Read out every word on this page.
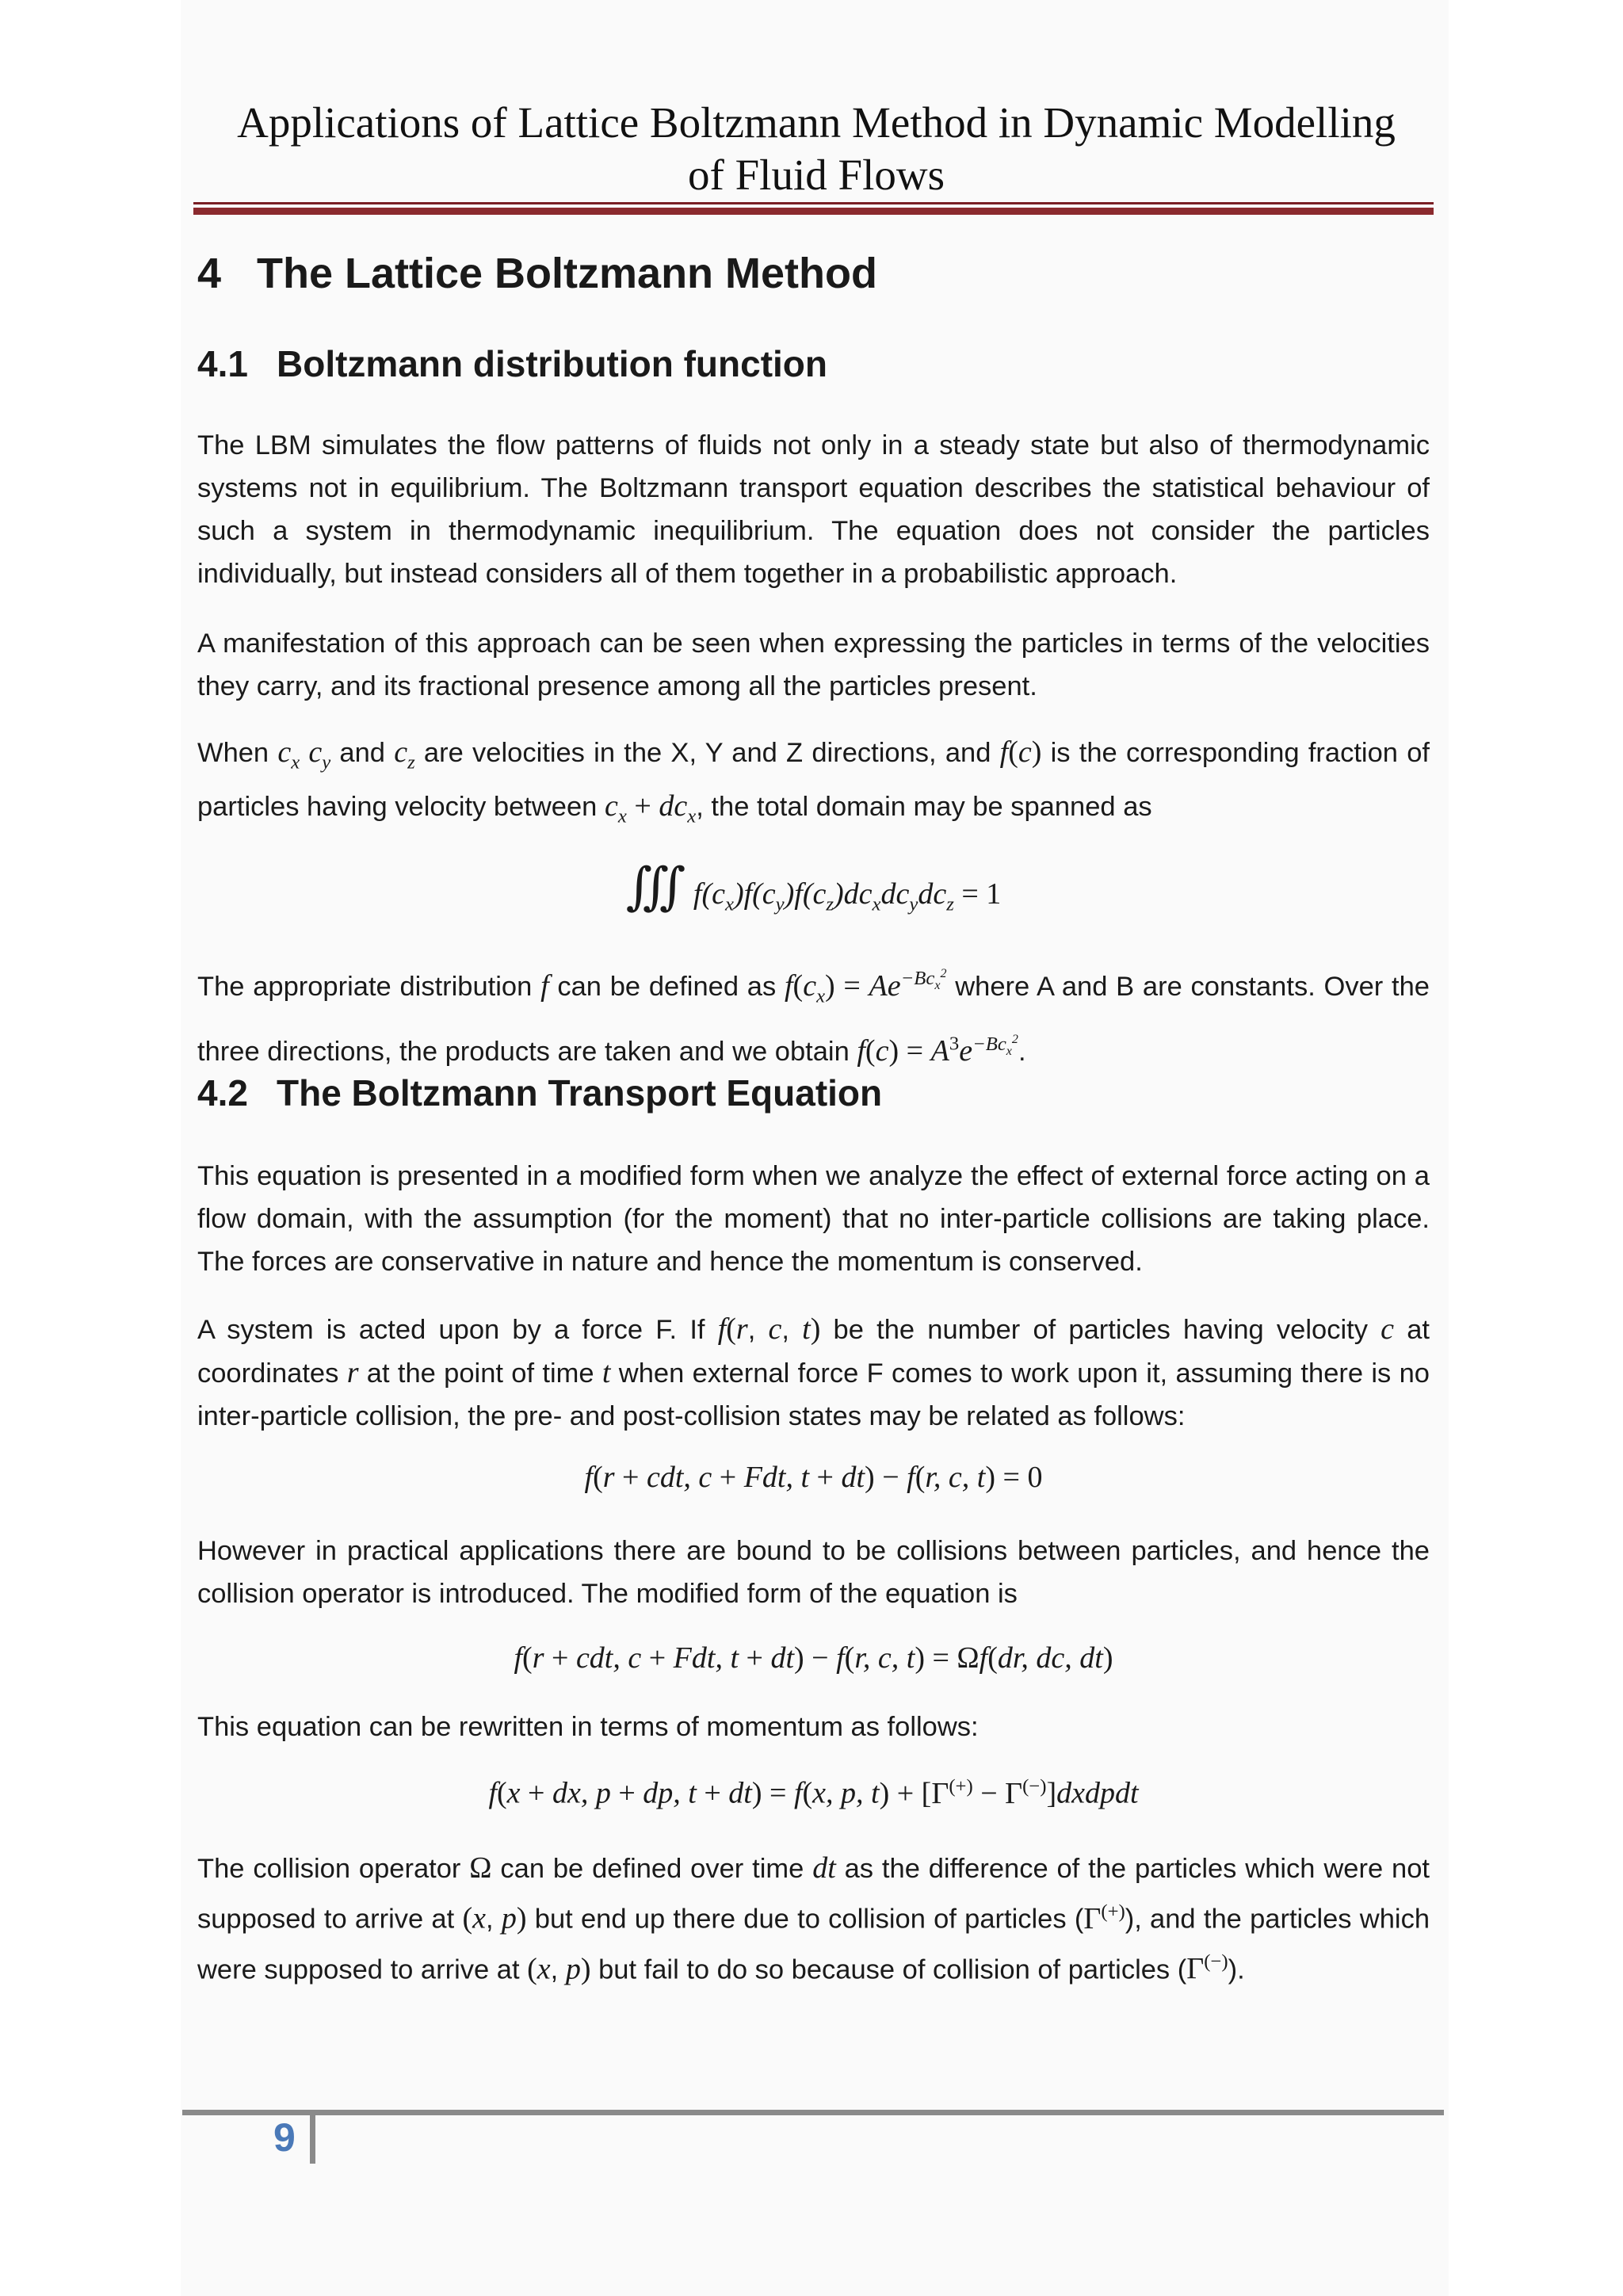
Applications of Lattice Boltzmann Method in Dynamic Modelling
of Fluid Flows
4 The Lattice Boltzmann Method
4.1 Boltzmann distribution function

The LBM simulates the flow patterns of fluids not only in a steady state but also of thermodynamic systems not in equilibrium. The Boltzmann transport equation describes the statistical behaviour of such a system in thermodynamic inequilibrium. The equation does not consider the particles individually, but instead considers all of them together in a probabilistic approach.

A manifestation of this approach can be seen when expressing the particles in terms of the velocities they carry, and its fractional presence among all the particles present.

When $c_x$ $c_y$ and $c_z$ are velocities in the X, Y and Z directions, and f(c) is the corresponding fraction of particles having velocity between $c_x + dc_x$, the total domain may be spanned as

∭ $f(c_x)f(c_y)f(c_z)dc_xdc_ydc_z = 1$

The appropriate distribution f can be defined as $f(c_x) = Ae^{-Bc_x^2}$ where A and B are constants. Over the three directions, the products are taken and we obtain $f(c) = A^3e^{-Bc_x^2}$.

4.2 The Boltzmann Transport Equation

This equation is presented in a modified form when we analyze the effect of external force acting on a flow domain, with the assumption (for the moment) that no inter-particle collisions are taking place. The forces are conservative in nature and hence the momentum is conserved.

A system is acted upon by a force F. If f(r, c, t) be the number of particles having velocity c at coordinates r at the point of time t when external force F comes to work upon it, assuming there is no inter-particle collision, the pre- and post-collision states may be related as follows:

f(r + cdt, c + Fdt, t + dt) − f(r, c, t) = 0

However in practical applications there are bound to be collisions between particles, and hence the collision operator is introduced. The modified form of the equation is

f(r + cdt, c + Fdt, t + dt) − f(r, c, t) = Ωf(dr, dc, dt)

This equation can be rewritten in terms of momentum as follows:

f(x + dx, p + dp, t + dt) = f(x, p, t) + [Γ(+) − Γ(−)]dxdpdt

The collision operator Ω can be defined over time dt as the difference of the particles which were not supposed to arrive at (x, p) but end up there due to collision of particles (Γ(+)), and the particles which were supposed to arrive at (x, p) but fail to do so because of collision of particles (Γ(−)).

9
